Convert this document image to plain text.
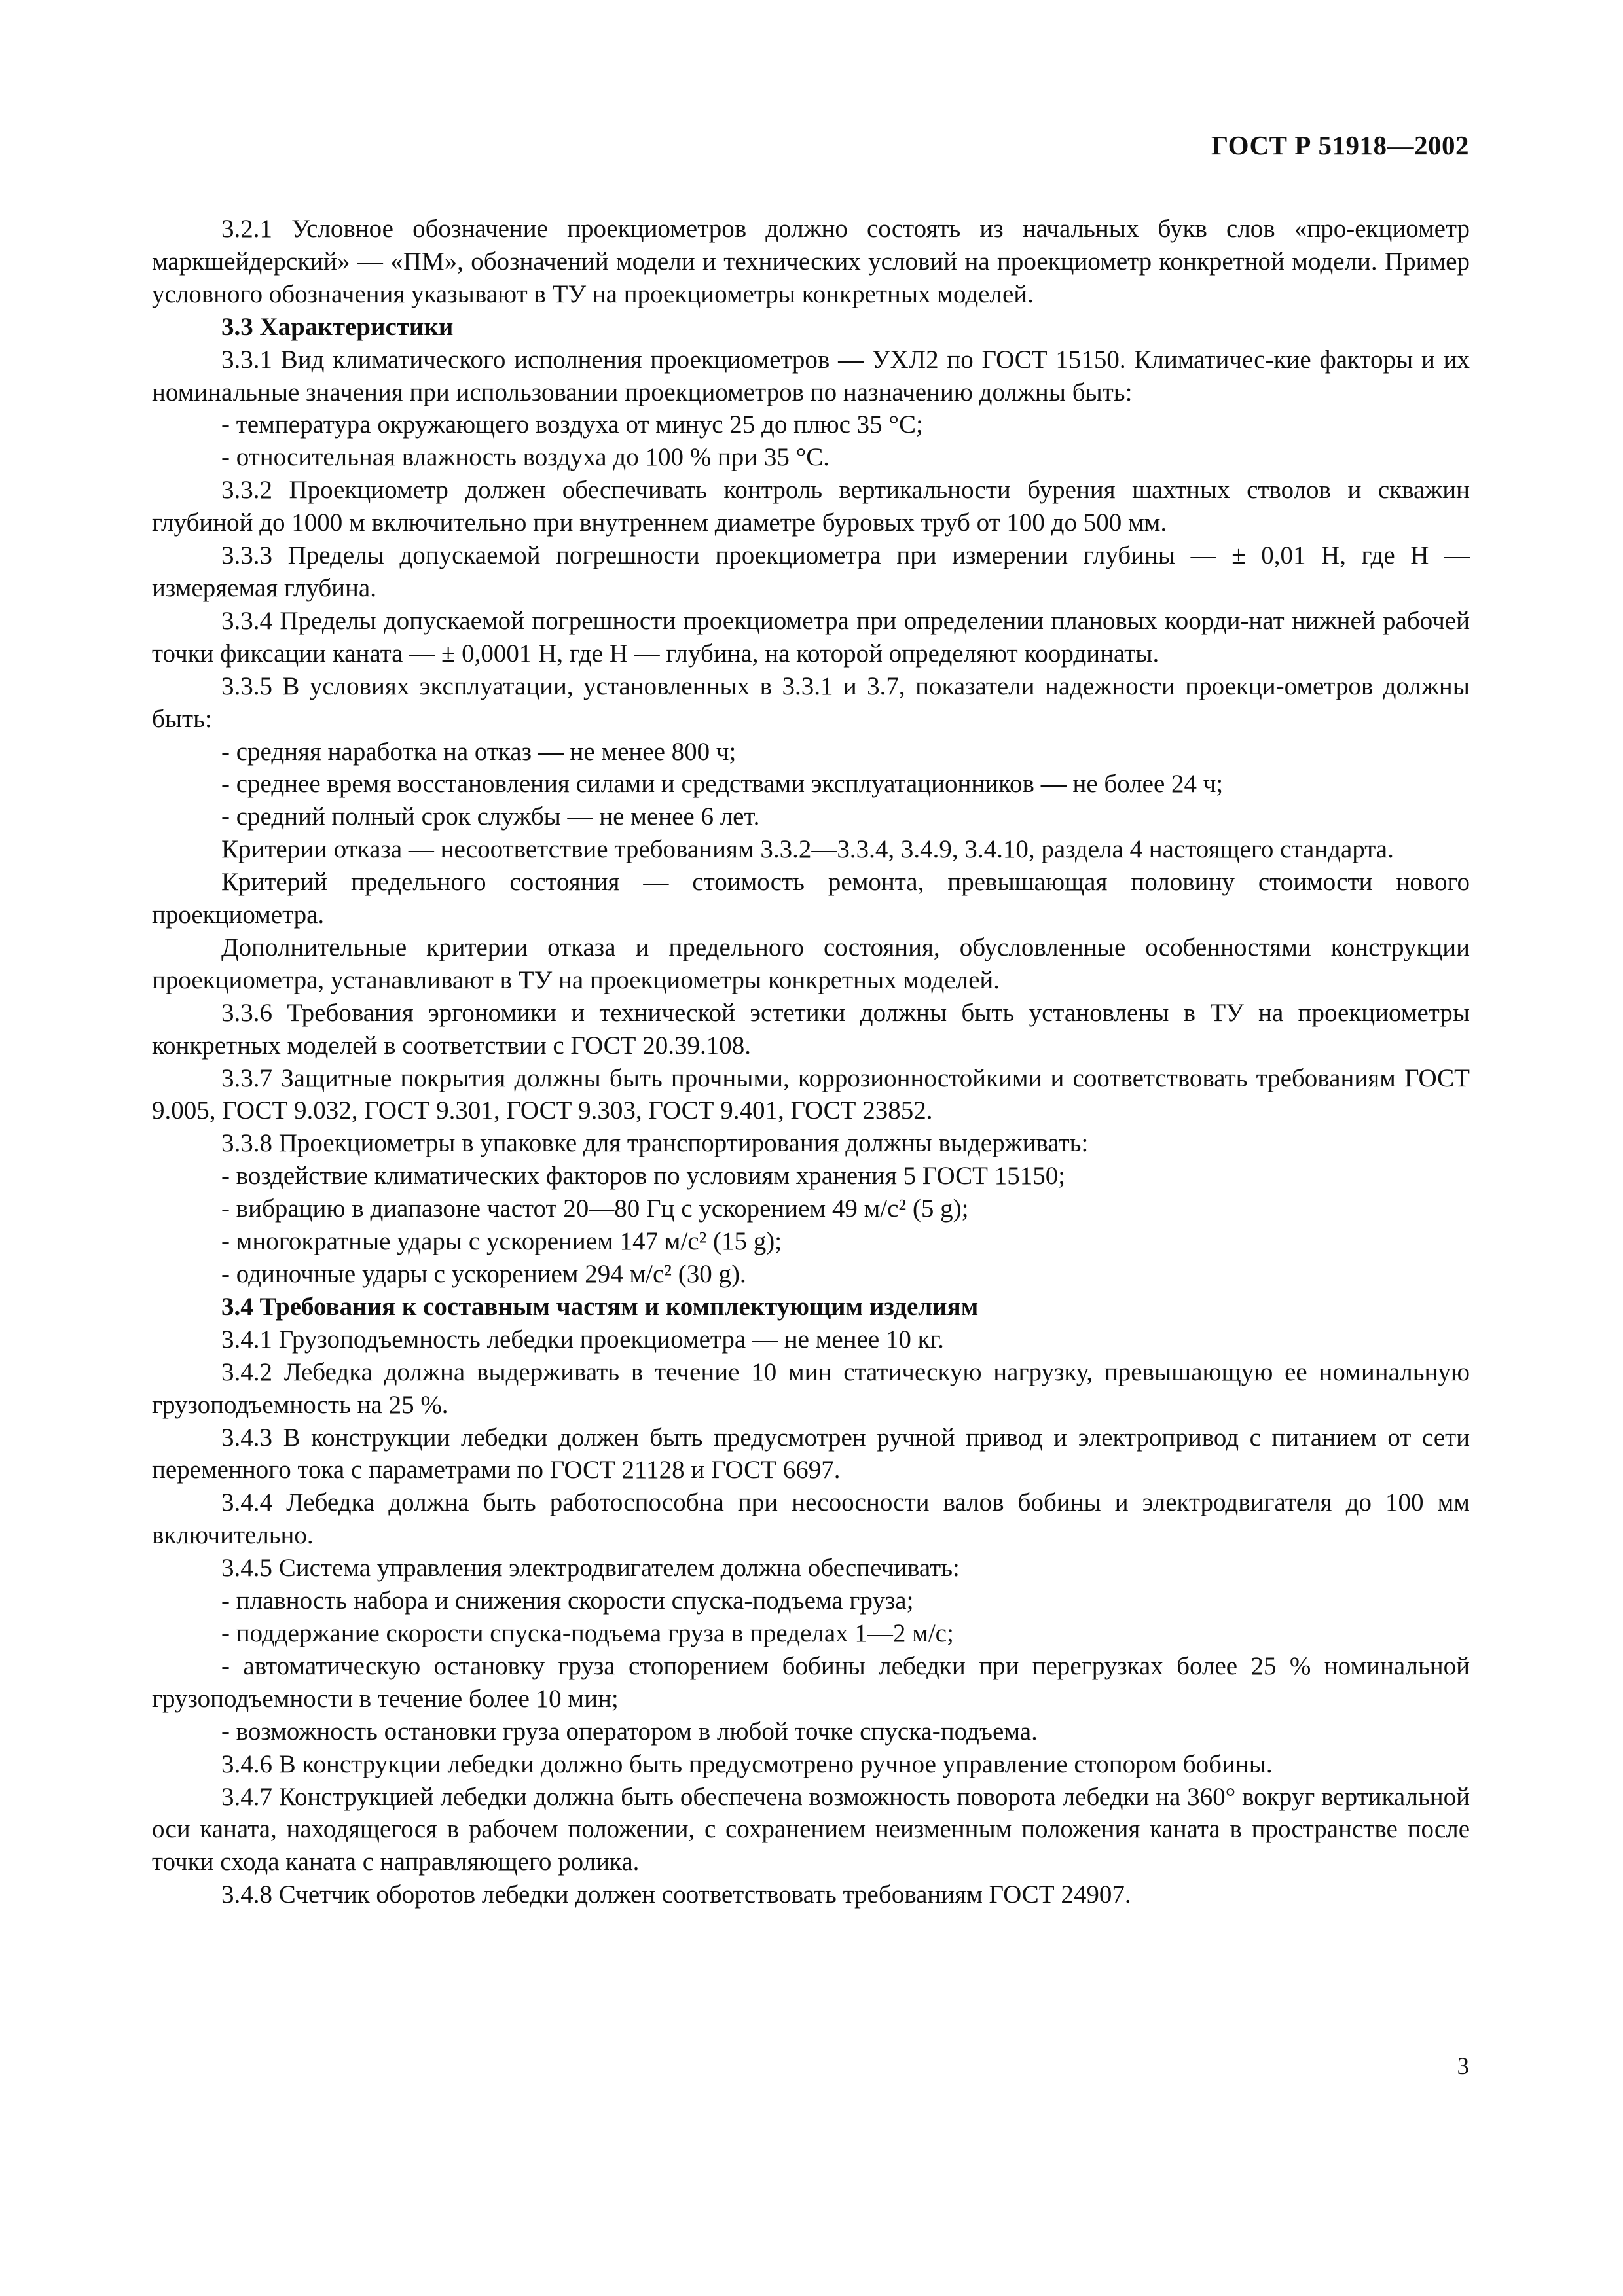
ГОСТ Р 51918—2002

3.2.1 Условное обозначение проекциометров должно состоять из начальных букв слов «про-екциометр маркшейдерский» — «ПМ», обозначений модели и технических условий на проекциометр конкретной модели. Пример условного обозначения указывают в ТУ на проекциометры конкретных моделей.

3.3 Характеристики

3.3.1 Вид климатического исполнения проекциометров — УХЛ2 по ГОСТ 15150. Климатичес-кие факторы и их номинальные значения при использовании проекциометров по назначению должны быть:

- температура окружающего воздуха от минус 25 до плюс 35 °С;

- относительная влажность воздуха до 100 % при 35 °С.

3.3.2 Проекциометр должен обеспечивать контроль вертикальности бурения шахтных стволов и скважин глубиной до 1000 м включительно при внутреннем диаметре буровых труб от 100 до 500 мм.

3.3.3 Пределы допускаемой погрешности проекциометра при измерении глубины — ± 0,01 Н, где Н — измеряемая глубина.

3.3.4 Пределы допускаемой погрешности проекциометра при определении плановых коорди-нат нижней рабочей точки фиксации каната — ± 0,0001 Н, где Н — глубина, на которой определяют координаты.

3.3.5 В условиях эксплуатации, установленных в 3.3.1 и 3.7, показатели надежности проекци-ометров должны быть:

- средняя наработка на отказ — не менее 800 ч;

- среднее время восстановления силами и средствами эксплуатационников — не более 24 ч;

- средний полный срок службы — не менее 6 лет.

Критерии отказа — несоответствие требованиям 3.3.2—3.3.4, 3.4.9, 3.4.10, раздела 4 настоящего стандарта.

Критерий предельного состояния — стоимость ремонта, превышающая половину стоимости нового проекциометра.

Дополнительные критерии отказа и предельного состояния, обусловленные особенностями конструкции проекциометра, устанавливают в ТУ на проекциометры конкретных моделей.

3.3.6 Требования эргономики и технической эстетики должны быть установлены в ТУ на проекциометры конкретных моделей в соответствии с ГОСТ 20.39.108.

3.3.7 Защитные покрытия должны быть прочными, коррозионностойкими и соответствовать требованиям ГОСТ 9.005, ГОСТ 9.032, ГОСТ 9.301, ГОСТ 9.303, ГОСТ 9.401, ГОСТ 23852.

3.3.8 Проекциометры в упаковке для транспортирования должны выдерживать:

- воздействие климатических факторов по условиям хранения 5 ГОСТ 15150;

- вибрацию в диапазоне частот 20—80 Гц с ускорением 49 м/с² (5 g);

- многократные удары с ускорением 147 м/с² (15 g);

- одиночные удары с ускорением 294 м/с² (30 g).

3.4 Требования к составным частям и комплектующим изделиям

3.4.1 Грузоподъемность лебедки проекциометра — не менее 10 кг.

3.4.2 Лебедка должна выдерживать в течение 10 мин статическую нагрузку, превышающую ее номинальную грузоподъемность на 25 %.

3.4.3 В конструкции лебедки должен быть предусмотрен ручной привод и электропривод с питанием от сети переменного тока с параметрами по ГОСТ 21128 и ГОСТ 6697.

3.4.4 Лебедка должна быть работоспособна при несоосности валов бобины и электродвигателя до 100 мм включительно.

3.4.5 Система управления электродвигателем должна обеспечивать:

- плавность набора и снижения скорости спуска-подъема груза;

- поддержание скорости спуска-подъема груза в пределах 1—2 м/с;

- автоматическую остановку груза стопорением бобины лебедки при перегрузках более 25 % номинальной грузоподъемности в течение более 10 мин;

- возможность остановки груза оператором в любой точке спуска-подъема.

3.4.6 В конструкции лебедки должно быть предусмотрено ручное управление стопором бобины.

3.4.7 Конструкцией лебедки должна быть обеспечена возможность поворота лебедки на 360° вокруг вертикальной оси каната, находящегося в рабочем положении, с сохранением неизменным положения каната в пространстве после точки схода каната с направляющего ролика.

3.4.8 Счетчик оборотов лебедки должен соответствовать требованиям ГОСТ 24907.

3
